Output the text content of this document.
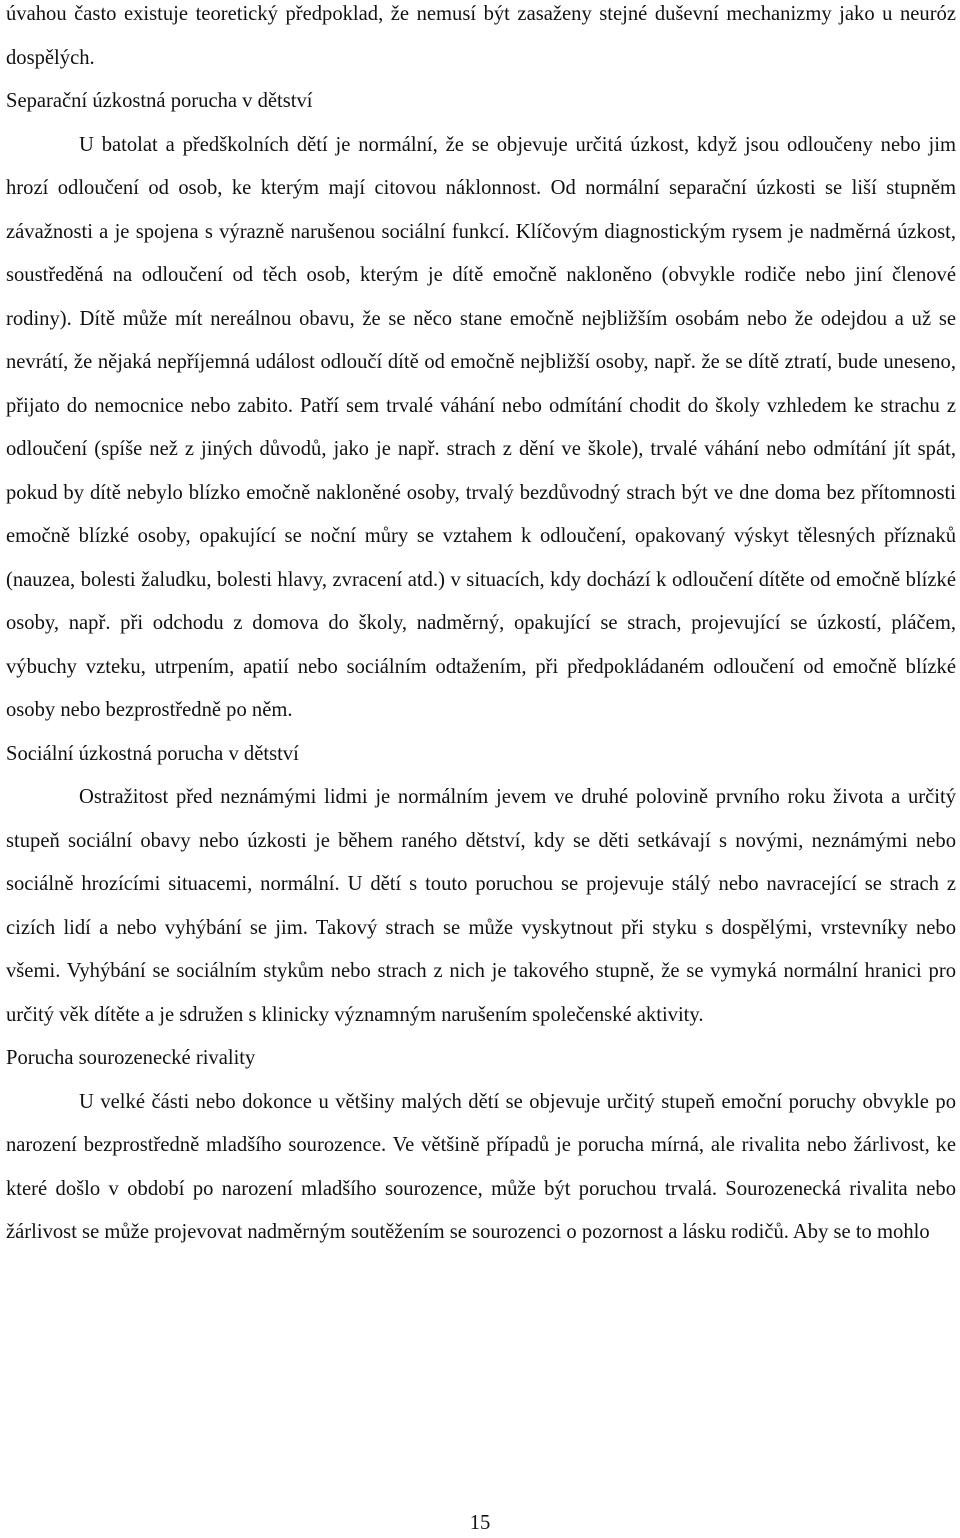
úvahou často existuje teoretický předpoklad, že nemusí být zasaženy stejné duševní mechanizmy jako u neuróz dospělých.

Separační úzkostná porucha v dětství

U batolat a předškolních dětí je normální, že se objevuje určitá úzkost, když jsou odloučeny nebo jim hrozí odloučení od osob, ke kterým mají citovou náklonnost. Od normální separační úzkosti se liší stupněm závažnosti a je spojena s výrazně narušenou sociální funkcí. Klíčovým diagnostickým rysem je nadměrná úzkost, soustředěná na odloučení od těch osob, kterým je dítě emočně nakloněno (obvykle rodiče nebo jiní členové rodiny). Dítě může mít nereálnou obavu, že se něco stane emočně nejbližším osobám nebo že odejdou a už se nevrátí, že nějaká nepříjemná událost odloučí dítě od emočně nejbližší osoby, např. že se dítě ztratí, bude uneseno, přijato do nemocnice nebo zabito. Patří sem trvalé váhání nebo odmítání chodit do školy vzhledem ke strachu z odloučení (spíše než z jiných důvodů, jako je např. strach z dění ve škole), trvalé váhání nebo odmítání jít spát, pokud by dítě nebylo blízko emočně nakloněné osoby, trvalý bezdůvodný strach být ve dne doma bez přítomnosti emočně blízké osoby, opakující se noční můry se vztahem k odloučení, opakovaný výskyt tělesných příznaků (nauzea, bolesti žaludku, bolesti hlavy, zvracení atd.) v situacích, kdy dochází k odloučení dítěte od emočně blízké osoby, např. při odchodu z domova do školy, nadměrný, opakující se strach, projevující se úzkostí, pláčem, výbuchy vzteku, utrpením, apatií nebo sociálním odtažením, při předpokládaném odloučení od emočně blízké osoby nebo bezprostředně po něm.

Sociální úzkostná porucha v dětství

Ostražitost před neznámými lidmi je normálním jevem ve druhé polovině prvního roku života a určitý stupeň sociální obavy nebo úzkosti je během raného dětství, kdy se děti setkávají s novými, neznámými nebo sociálně hrozícími situacemi, normální. U dětí s touto poruchou se projevuje stálý nebo navracející se strach z cizích lidí a nebo vyhýbání se jim. Takový strach se může vyskytnout při styku s dospělými, vrstevníky nebo všemi. Vyhýbání se sociálním stykům nebo strach z nich je takového stupně, že se vymyká normální hranici pro určitý věk dítěte a je sdružen s klinicky významným narušením společenské aktivity.

Porucha sourozenecké rivality

U velké části nebo dokonce u většiny malých dětí se objevuje určitý stupeň emoční poruchy obvykle po narození bezprostředně mladšího sourozence. Ve většině případů je porucha mírná, ale rivalita nebo žárlivost, ke které došlo v období po narození mladšího sourozence, může být poruchou trvalá. Sourozenecká rivalita nebo žárlivost se může projevovat nadměrným soutěžením se sourozenci o pozornost a lásku rodičů. Aby se to mohlo

15
